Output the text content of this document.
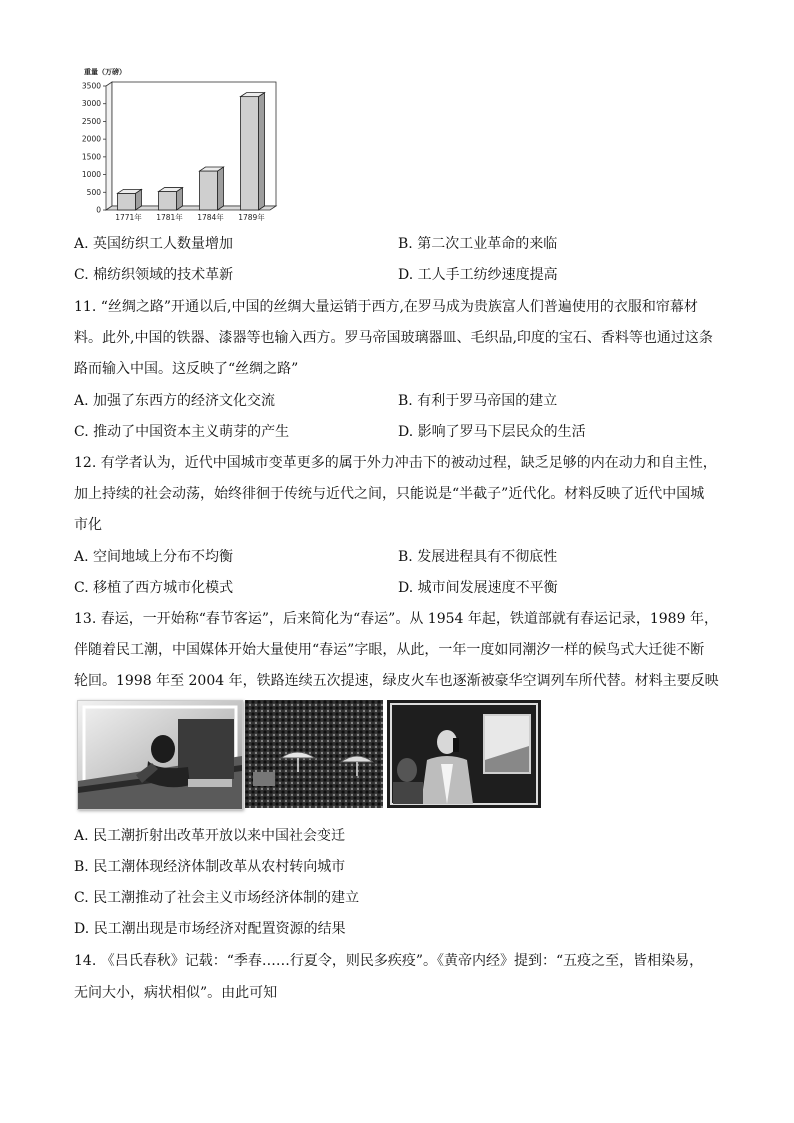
重量（万磅）
0
500
1000
1500
2000
2500
3000
3500
1771年 1781年 1784年 1789年
A. 英国纺织工人数量增加	B. 第二次工业革命的来临
C. 棉纺织领域的技术革新	D. 工人手工纺纱速度提高
11. “丝绸之路”开通以后,中国的丝绸大量运销于西方,在罗马成为贵族富人们普遍使用的衣服和帘幕材
料。此外,中国的铁器、漆器等也输入西方。罗马帝国玻璃器皿、毛织品,印度的宝石、香料等也通过这条
路而输入中国。这反映了“丝绸之路”
A. 加强了东西方的经济文化交流	B. 有利于罗马帝国的建立
C. 推动了中国资本主义萌芽的产生	D. 影响了罗马下层民众的生活
12. 有学者认为，近代中国城市变革更多的属于外力冲击下的被动过程，缺乏足够的内在动力和自主性，
加上持续的社会动荡，始终徘徊于传统与近代之间，只能说是“半截子”近代化。材料反映了近代中国城
市化
A. 空间地域上分布不均衡	B. 发展进程具有不彻底性
C. 移植了西方城市化模式	D. 城市间发展速度不平衡
13. 春运，一开始称“春节客运”，后来简化为“春运”。从 1954 年起，铁道部就有春运记录，1989 年，
伴随着民工潮，中国媒体开始大量使用“春运”字眼，从此，一年一度如同潮汐一样的候鸟式大迁徙不断
轮回。1998 年至 2004 年，铁路连续五次提速，绿皮火车也逐渐被豪华空调列车所代替。材料主要反映
A. 民工潮折射出改革开放以来中国社会变迁
B. 民工潮体现经济体制改革从农村转向城市
C. 民工潮推动了社会主义市场经济体制的建立
D. 民工潮出现是市场经济对配置资源的结果
14. 《吕氏春秋》记载：“季春……行夏令，则民多疾疫”。《黄帝内经》提到：“五疫之至，皆相染易，
无问大小，病状相似”。由此可知
